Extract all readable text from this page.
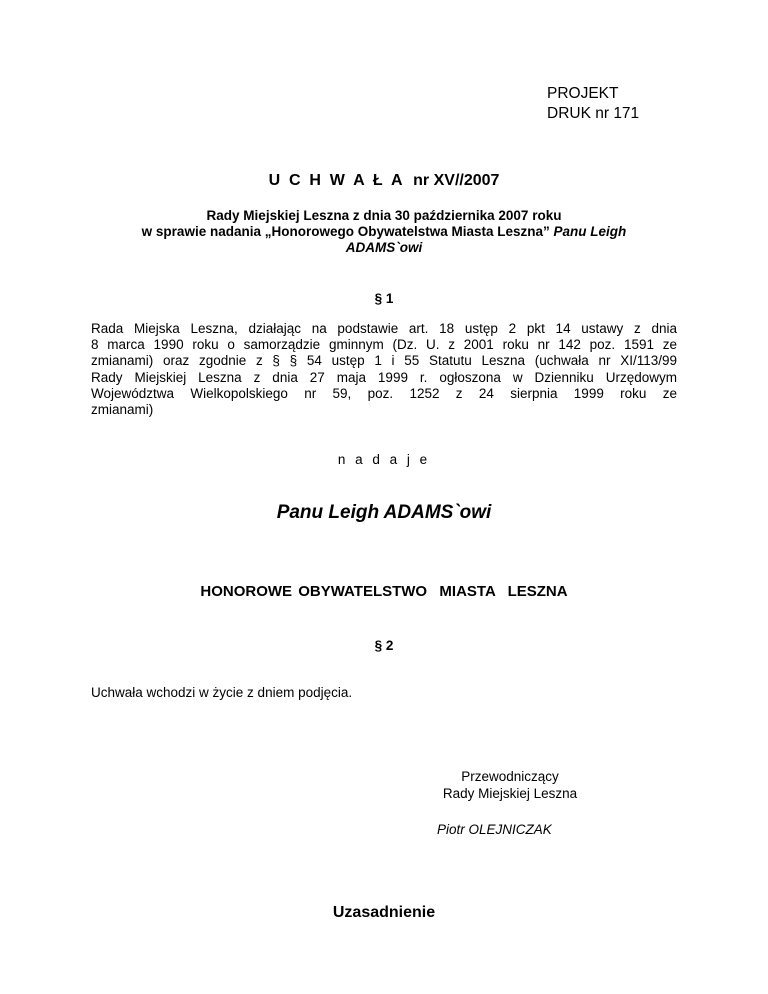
PROJEKT
DRUK nr 171
U C H W A Ł A nr XV//2007
Rady Miejskiej Leszna z dnia 30 października 2007 roku
w sprawie nadania „Honorowego Obywatelstwa Miasta Leszna” Panu Leigh
ADAMS`owi
§ 1
Rada Miejska Leszna, działając na podstawie art. 18 ustęp 2 pkt 14 ustawy z dnia
8 marca 1990 roku o samorządzie gminnym (Dz. U. z 2001 roku nr 142 poz. 1591 ze
zmianami) oraz zgodnie z § § 54 ustęp 1 i 55 Statutu Leszna (uchwała nr XI/113/99
Rady Miejskiej Leszna z dnia 27 maja 1999 r. ogłoszona w Dzienniku Urzędowym
Województwa Wielkopolskiego nr 59, poz. 1252 z 24 sierpnia 1999 roku ze
zmianami)
n a d a j e
Panu Leigh ADAMS`owi
HONOROWE OBYWATELSTWO  MIASTA  LESZNA
§ 2
Uchwała wchodzi w życie z dniem podjęcia.
Przewodniczący
Rady Miejskiej Leszna
Piotr OLEJNICZAK
Uzasadnienie
